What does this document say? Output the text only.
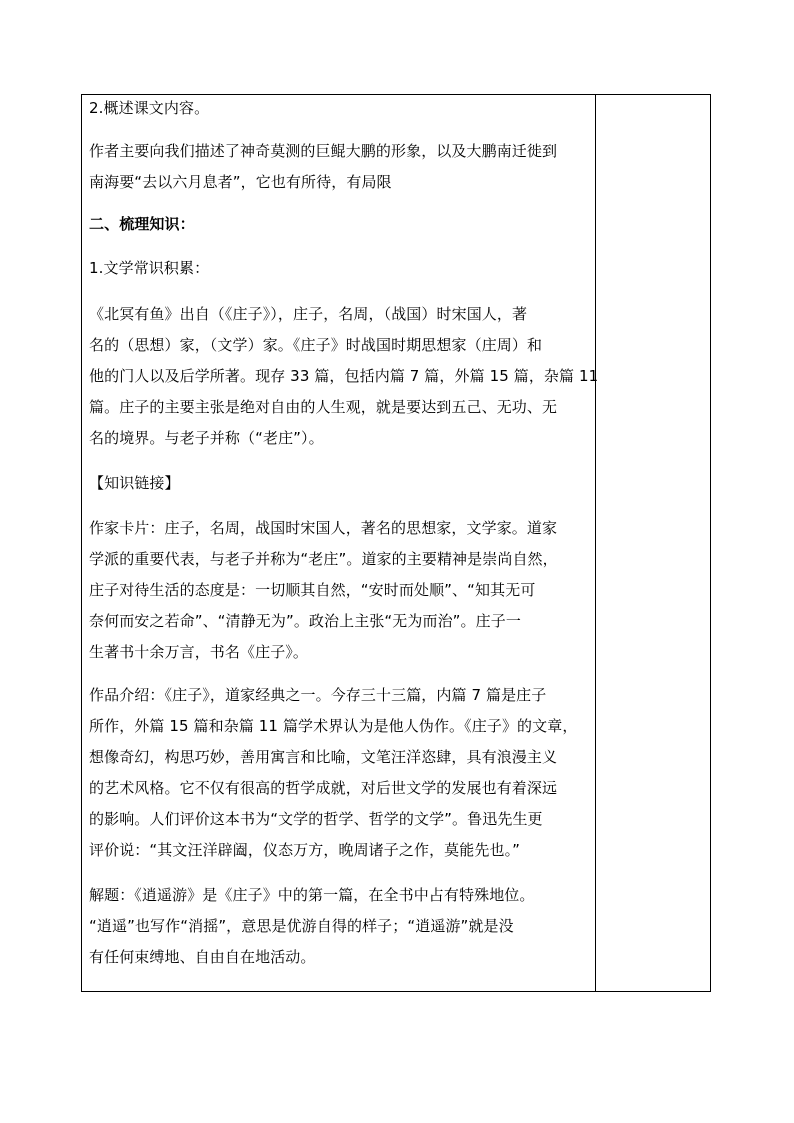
2.概述课文内容。

作者主要向我们描述了神奇莫测的巨鲲大鹏的形象，以及大鹏南迁徙到
南海要“去以六月息者”，它也有所待，有局限

二、梳理知识：

1.文学常识积累：

《北冥有鱼》出自（《庄子》），庄子，名周，（战国）时宋国人，著
名的（思想）家，（文学）家。《庄子》时战国时期思想家（庄周）和
他的门人以及后学所著。现存 33 篇，包括内篇 7 篇，外篇 15 篇，杂篇 11
篇。庄子的主要主张是绝对自由的人生观，就是要达到五己、无功、无
名的境界。与老子并称（“老庄”）。

【知识链接】

作家卡片：庄子，名周，战国时宋国人，著名的思想家，文学家。道家
学派的重要代表，与老子并称为“老庄”。道家的主要精神是崇尚自然，
庄子对待生活的态度是：一切顺其自然，“安时而处顺”、“知其无可
奈何而安之若命”、“清静无为”。政治上主张“无为而治”。庄子一
生著书十余万言，书名《庄子》。

作品介绍：《庄子》，道家经典之一。今存三十三篇，内篇 7 篇是庄子
所作，外篇 15 篇和杂篇 11 篇学术界认为是他人伪作。《庄子》的文章，
想像奇幻，构思巧妙，善用寓言和比喻，文笔汪洋恣肆，具有浪漫主义
的艺术风格。它不仅有很高的哲学成就，对后世文学的发展也有着深远
的影响。人们评价这本书为“文学的哲学、哲学的文学”。鲁迅先生更
评价说：“其文汪洋辟阖，仪态万方，晚周诸子之作，莫能先也。”

解题：《逍遥游》是《庄子》中的第一篇，在全书中占有特殊地位。
“逍遥”也写作“消摇”，意思是优游自得的样子；“逍遥游”就是没
有任何束缚地、自由自在地活动。
